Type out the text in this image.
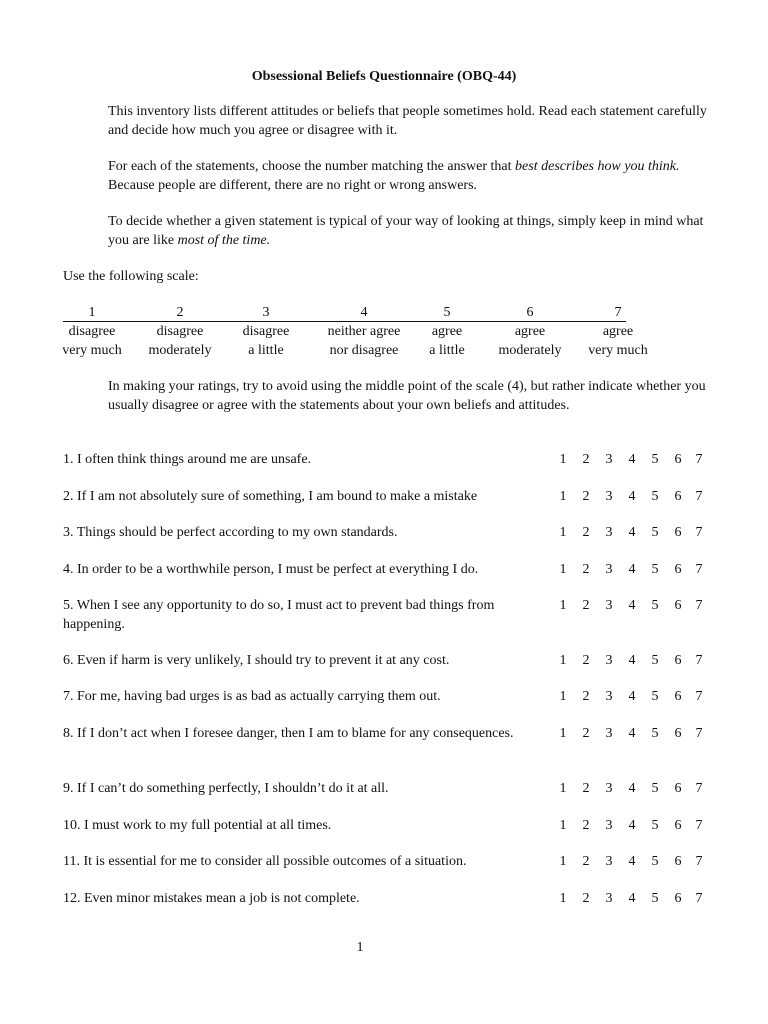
Obsessional Beliefs Questionnaire (OBQ-44)
This inventory lists different attitudes or beliefs that people sometimes hold. Read each statement carefully and decide how much you agree or disagree with it.
For each of the statements, choose the number matching the answer that best describes how you think. Because people are different, there are no right or wrong answers.
To decide whether a given statement is typical of your way of looking at things, simply keep in mind what you are like most of the time.
Use the following scale:
1
disagree
very much
2
disagree
moderately
3
disagree
a little
4
neither agree
nor disagree
5
agree
a little
6
agree
moderately
7
agree
very much
In making your ratings, try to avoid using the middle point of the scale (4), but rather indicate whether you usually disagree or agree with the statements about your own beliefs and attitudes.
1. I often think things around me are unsafe.	1 2 3 4 5 6 7
2. If I am not absolutely sure of something, I am bound to make a mistake	1 2 3 4 5 6 7
3. Things should be perfect according to my own standards.	1 2 3 4 5 6 7
4. In order to be a worthwhile person, I must be perfect at everything I do.	1 2 3 4 5 6 7
5. When I see any opportunity to do so, I must act to prevent bad things from happening.
1 2 3 4 5 6 7
6. Even if harm is very unlikely, I should try to prevent it at any cost.	1 2 3 4 5 6 7
7. For me, having bad urges is as bad as actually carrying them out.	1 2 3 4 5 6 7
8. If I don’t act when I foresee danger, then I am to blame for any consequences.	1 2 3 4 5 6 7
9. If I can’t do something perfectly, I shouldn’t do it at all.	1 2 3 4 5 6 7
10. I must work to my full potential at all times.	1 2 3 4 5 6 7
11. It is essential for me to consider all possible outcomes of a situation.	1 2 3 4 5 6 7
12. Even minor mistakes mean a job is not complete.	1 2 3 4 5 6 7
1
